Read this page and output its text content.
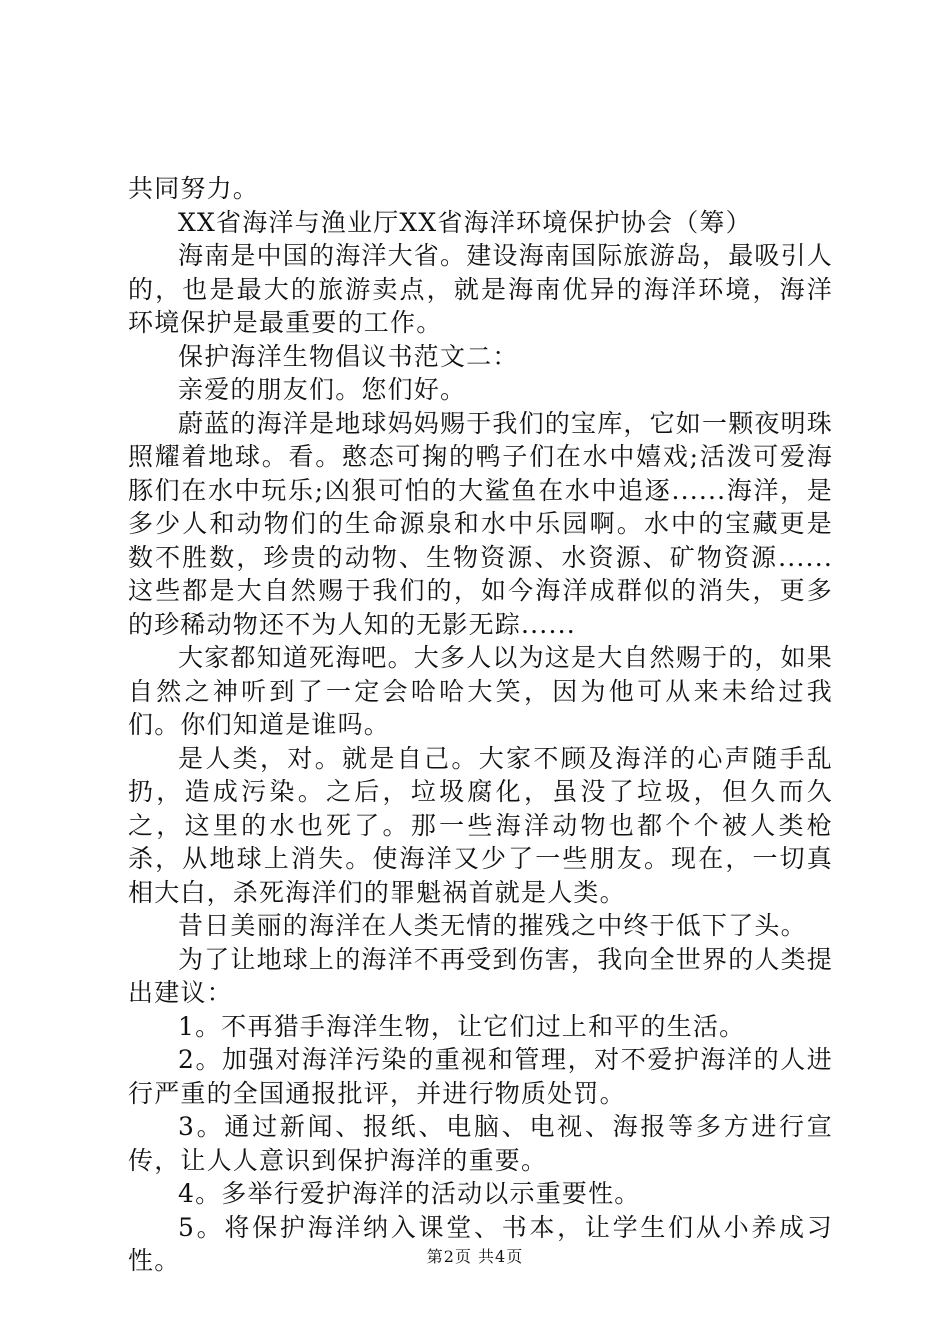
共同努力。

XX省海洋与渔业厅XX省海洋环境保护协会（筹）

海南是中国的海洋大省。建设海南国际旅游岛，最吸引人的，也是最大的旅游卖点，就是海南优异的海洋环境，海洋环境保护是最重要的工作。

保护海洋生物倡议书范文二：

亲爱的朋友们。您们好。

蔚蓝的海洋是地球妈妈赐于我们的宝库，它如一颗夜明珠照耀着地球。看。憨态可掬的鸭子们在水中嬉戏;活泼可爱海豚们在水中玩乐;凶狠可怕的大鲨鱼在水中追逐......海洋，是多少人和动物们的生命源泉和水中乐园啊。水中的宝藏更是数不胜数，珍贵的动物、生物资源、水资源、矿物资源......这些都是大自然赐于我们的，如今海洋成群似的消失，更多的珍稀动物还不为人知的无影无踪......

大家都知道死海吧。大多人以为这是大自然赐于的，如果自然之神听到了一定会哈哈大笑，因为他可从来未给过我们。你们知道是谁吗。

是人类，对。就是自己。大家不顾及海洋的心声随手乱扔，造成污染。之后，垃圾腐化，虽没了垃圾，但久而久之，这里的水也死了。那一些海洋动物也都个个被人类枪杀，从地球上消失。使海洋又少了一些朋友。现在，一切真相大白，杀死海洋们的罪魁祸首就是人类。

昔日美丽的海洋在人类无情的摧残之中终于低下了头。

为了让地球上的海洋不再受到伤害，我向全世界的人类提出建议：

1。不再猎手海洋生物，让它们过上和平的生活。

2。加强对海洋污染的重视和管理，对不爱护海洋的人进行严重的全国通报批评，并进行物质处罚。

3。通过新闻、报纸、电脑、电视、海报等多方进行宣传，让人人意识到保护海洋的重要。

4。多举行爱护海洋的活动以示重要性。

5。将保护海洋纳入课堂、书本，让学生们从小养成习性。	第2页 共4页
